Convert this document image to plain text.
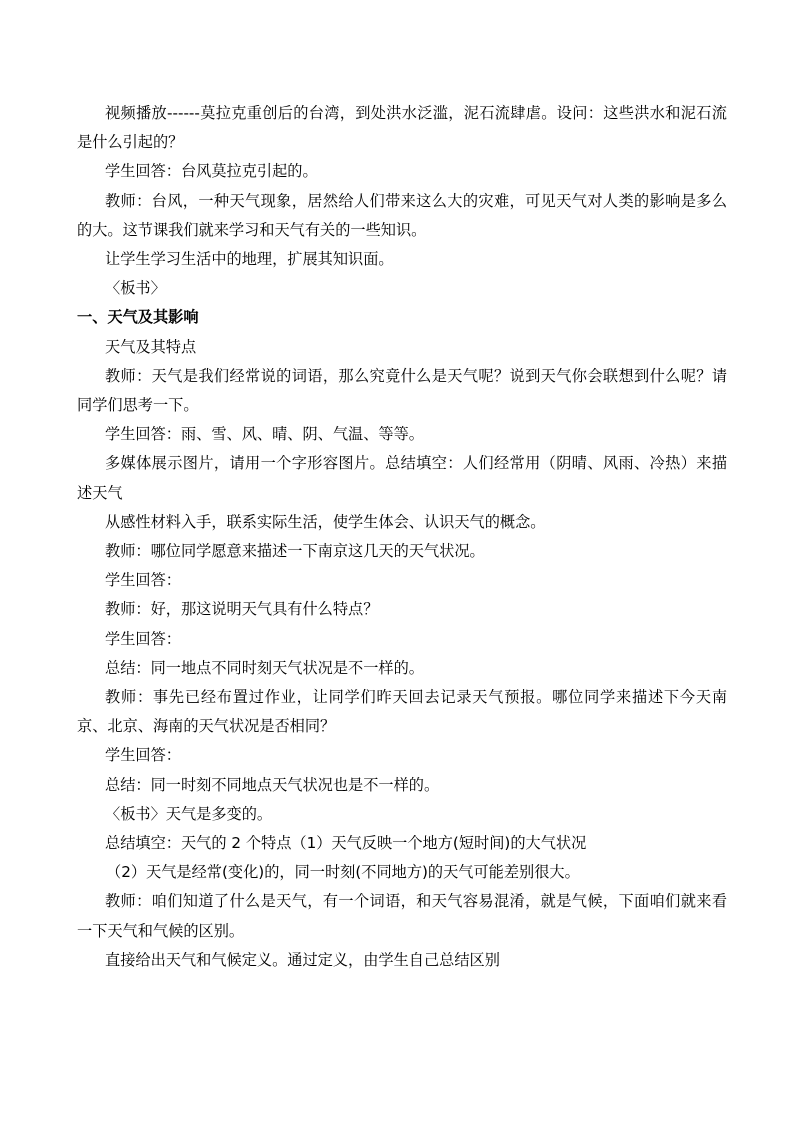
视频播放------莫拉克重创后的台湾，到处洪水泛滥，泥石流肆虐。设问：这些洪水和泥石流是什么引起的？

学生回答：台风莫拉克引起的。

教师：台风，一种天气现象，居然给人们带来这么大的灾难，可见天气对人类的影响是多么的大。这节课我们就来学习和天气有关的一些知识。

让学生学习生活中的地理，扩展其知识面。

〈板书〉

一、天气及其影响

天气及其特点

教师：天气是我们经常说的词语，那么究竟什么是天气呢？说到天气你会联想到什么呢？请同学们思考一下。

学生回答：雨、雪、风、晴、阴、气温、等等。

多媒体展示图片，请用一个字形容图片。总结填空：人们经常用（阴晴、风雨、冷热）来描述天气

从感性材料入手，联系实际生活，使学生体会、认识天气的概念。

教师：哪位同学愿意来描述一下南京这几天的天气状况。

学生回答：

教师：好，那这说明天气具有什么特点？

学生回答：

总结：同一地点不同时刻天气状况是不一样的。

教师：事先已经布置过作业，让同学们昨天回去记录天气预报。哪位同学来描述下今天南京、北京、海南的天气状况是否相同？

学生回答：

总结：同一时刻不同地点天气状况也是不一样的。

〈板书〉天气是多变的。

总结填空：天气的 2 个特点（1）天气反映一个地方(短时间)的大气状况

（2）天气是经常(变化)的，同一时刻(不同地方)的天气可能差别很大。

教师：咱们知道了什么是天气，有一个词语，和天气容易混淆，就是气候，下面咱们就来看一下天气和气候的区别。

直接给出天气和气候定义。通过定义，由学生自己总结区别
